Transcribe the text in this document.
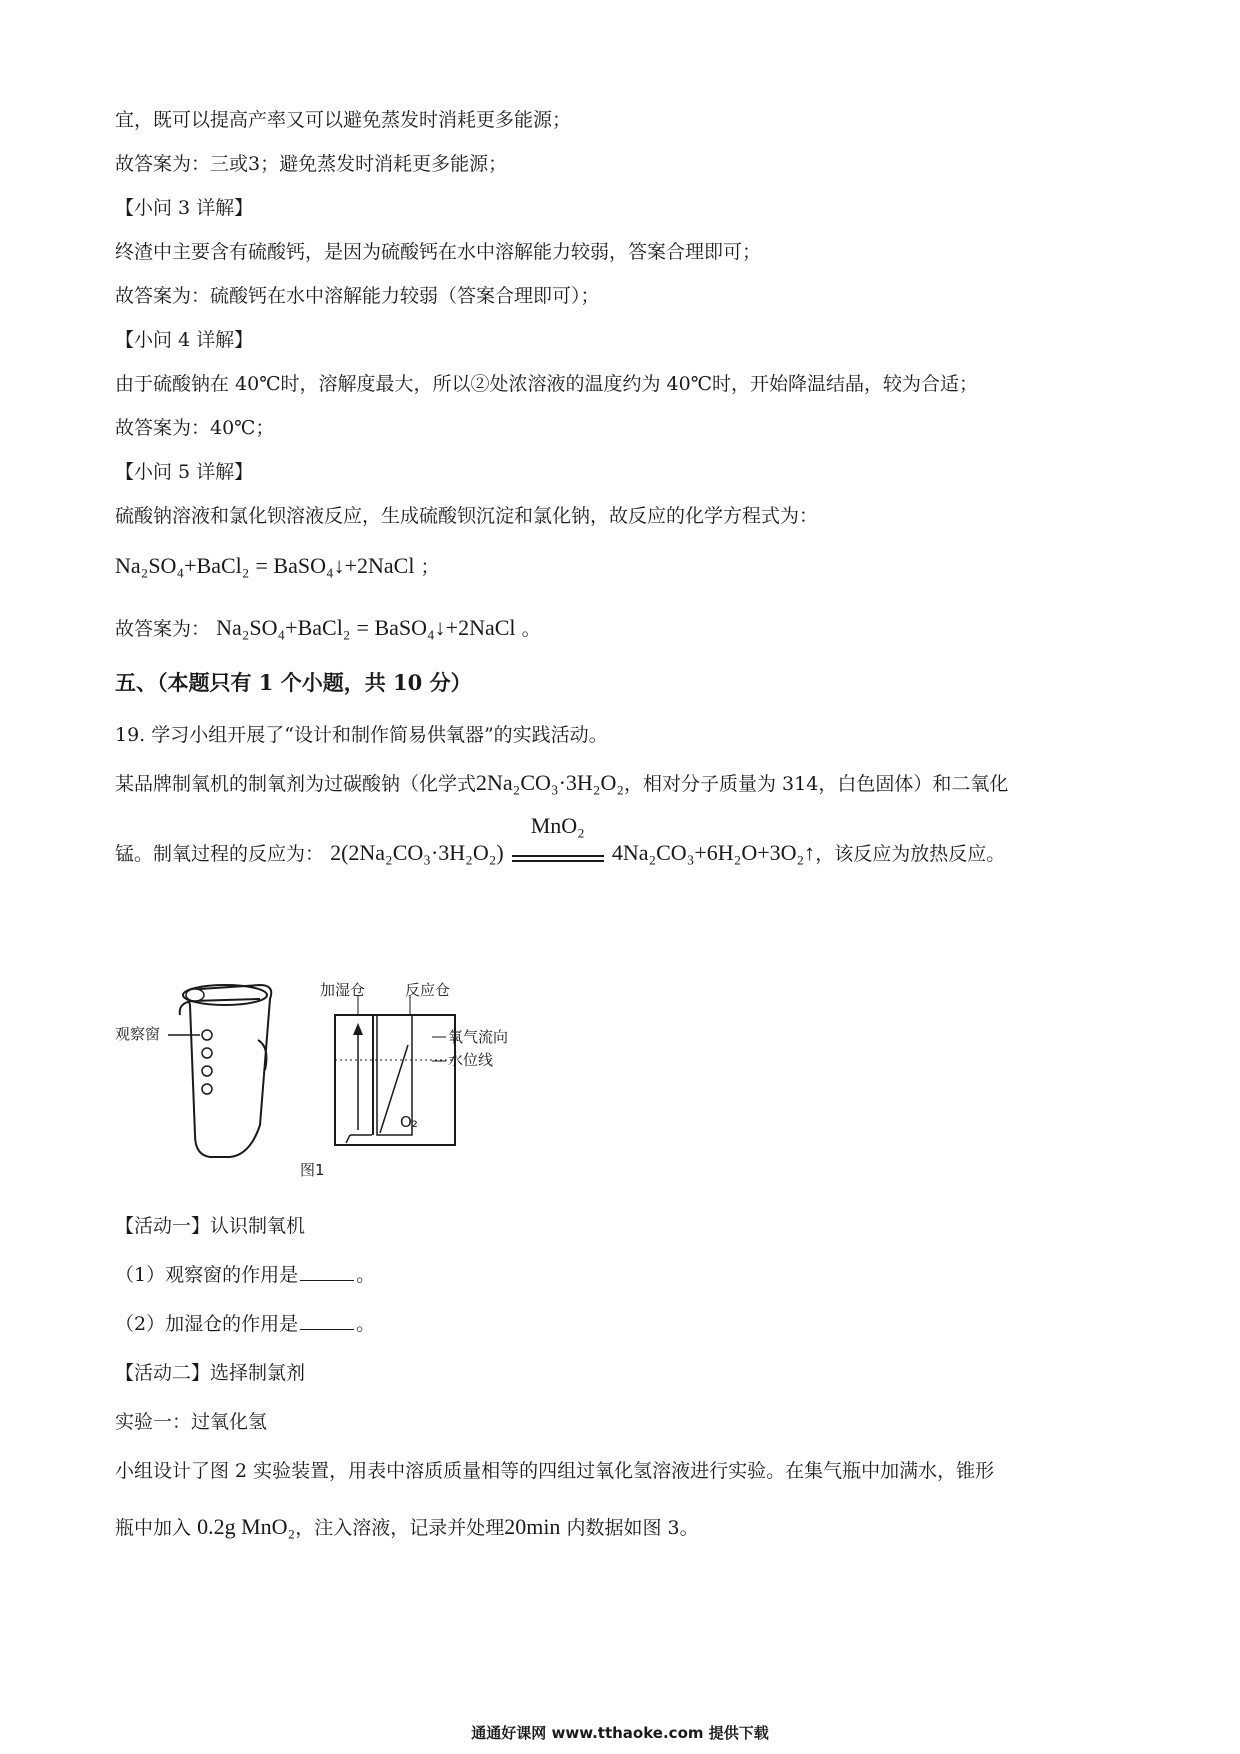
宜，既可以提高产率又可以避免蒸发时消耗更多能源；
故答案为：三或3；避免蒸发时消耗更多能源；
【小问 3 详解】
终渣中主要含有硫酸钙，是因为硫酸钙在水中溶解能力较弱，答案合理即可；
故答案为：硫酸钙在水中溶解能力较弱（答案合理即可）；
【小问 4 详解】
由于硫酸钠在 40℃时，溶解度最大，所以②处浓溶液的温度约为 40℃时，开始降温结晶，较为合适；
故答案为：40℃；
【小问 5 详解】
硫酸钠溶液和氯化钡溶液反应，生成硫酸钡沉淀和氯化钠，故反应的化学方程式为：
Na₂SO₄+BaCl₂ = BaSO₄↓+2NaCl ；
故答案为： Na₂SO₄+BaCl₂ = BaSO₄↓+2NaCl 。
五、（本题只有 1 个小题，共 10 分）
19. 学习小组开展了“设计和制作简易供氧器”的实践活动。
某品牌制氧机的制氧剂为过碳酸钠（化学式2Na₂CO₃·3H₂O₂，相对分子质量为 314，白色固体）和二氧化
锰。制氧过程的反应为： 2(2Na₂CO₃·3H₂O₂)
MnO₂
4Na₂CO₃+6H₂O+3O₂↑，该反应为放热反应。
观察窗
加湿仓	反应仓
氧气流向
水位线
O₂
图1
【活动一】认识制氧机
（1）观察窗的作用是	。
（2）加湿仓的作用是	。
【活动二】选择制氯剂
实验一：过氧化氢
小组设计了图 2 实验装置，用表中溶质质量相等的四组过氧化氢溶液进行实验。在集气瓶中加满水，锥形
瓶中加入 0.2g MnO₂，注入溶液，记录并处理20min 内数据如图 3。
通通好课网 www.tthaoke.com 提供下载
